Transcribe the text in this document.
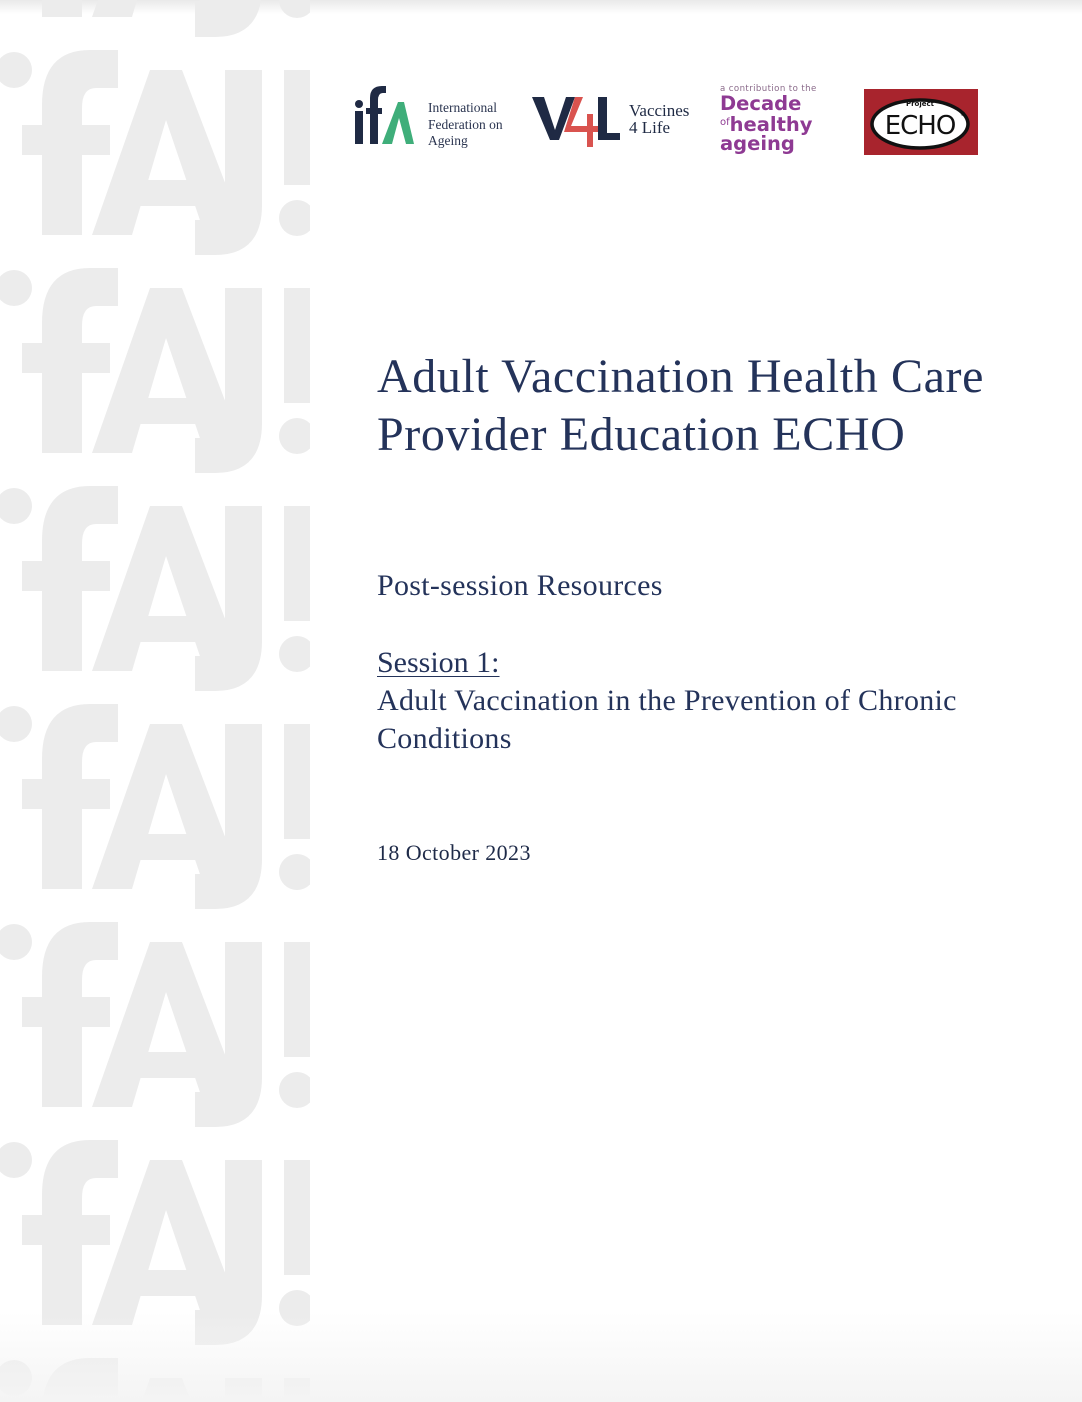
International
Federation on
Ageing
Vaccines
4 Life
a contribution to the
Decade
$^{of}$healthy
ageing
Project
ECHO ®
Adult Vaccination Health Care Provider Education ECHO
Post-session Resources
Session 1:
Adult Vaccination in the Prevention of Chronic Conditions
18 October 2023
